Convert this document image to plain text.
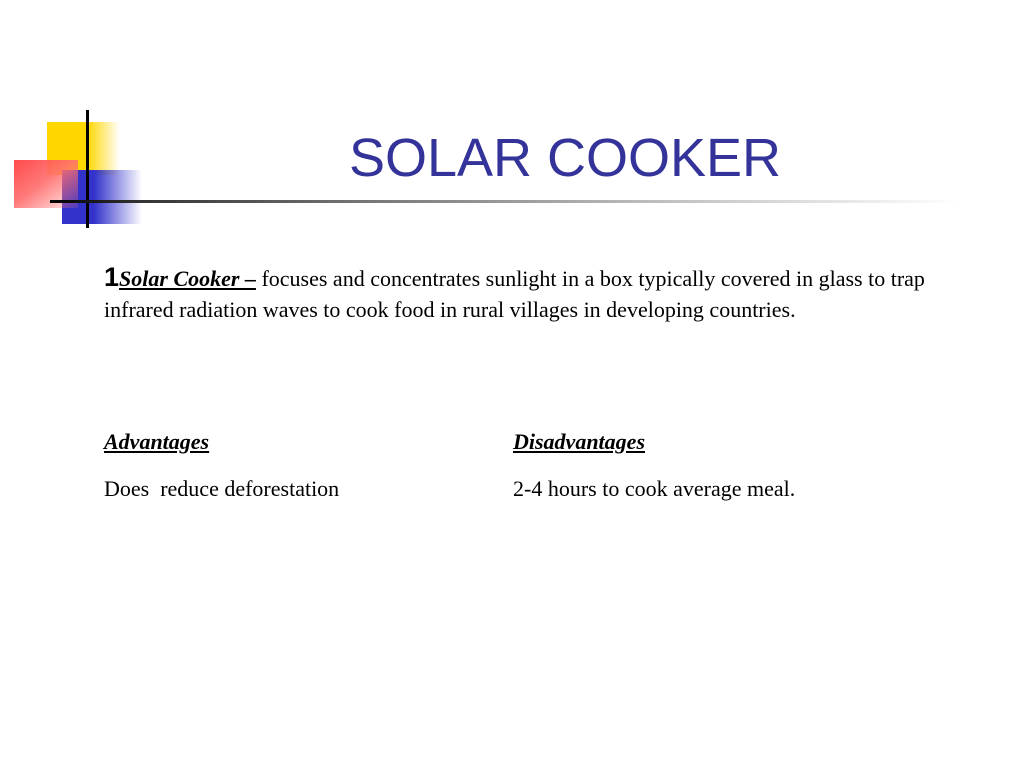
SOLAR COOKER

1Solar Cooker – focuses and concentrates sunlight in a box typically covered in glass to trap infrared radiation waves to cook food in rural villages in developing countries.

Advantages
Does  reduce deforestation
Disadvantages
2-4 hours to cook average meal.
